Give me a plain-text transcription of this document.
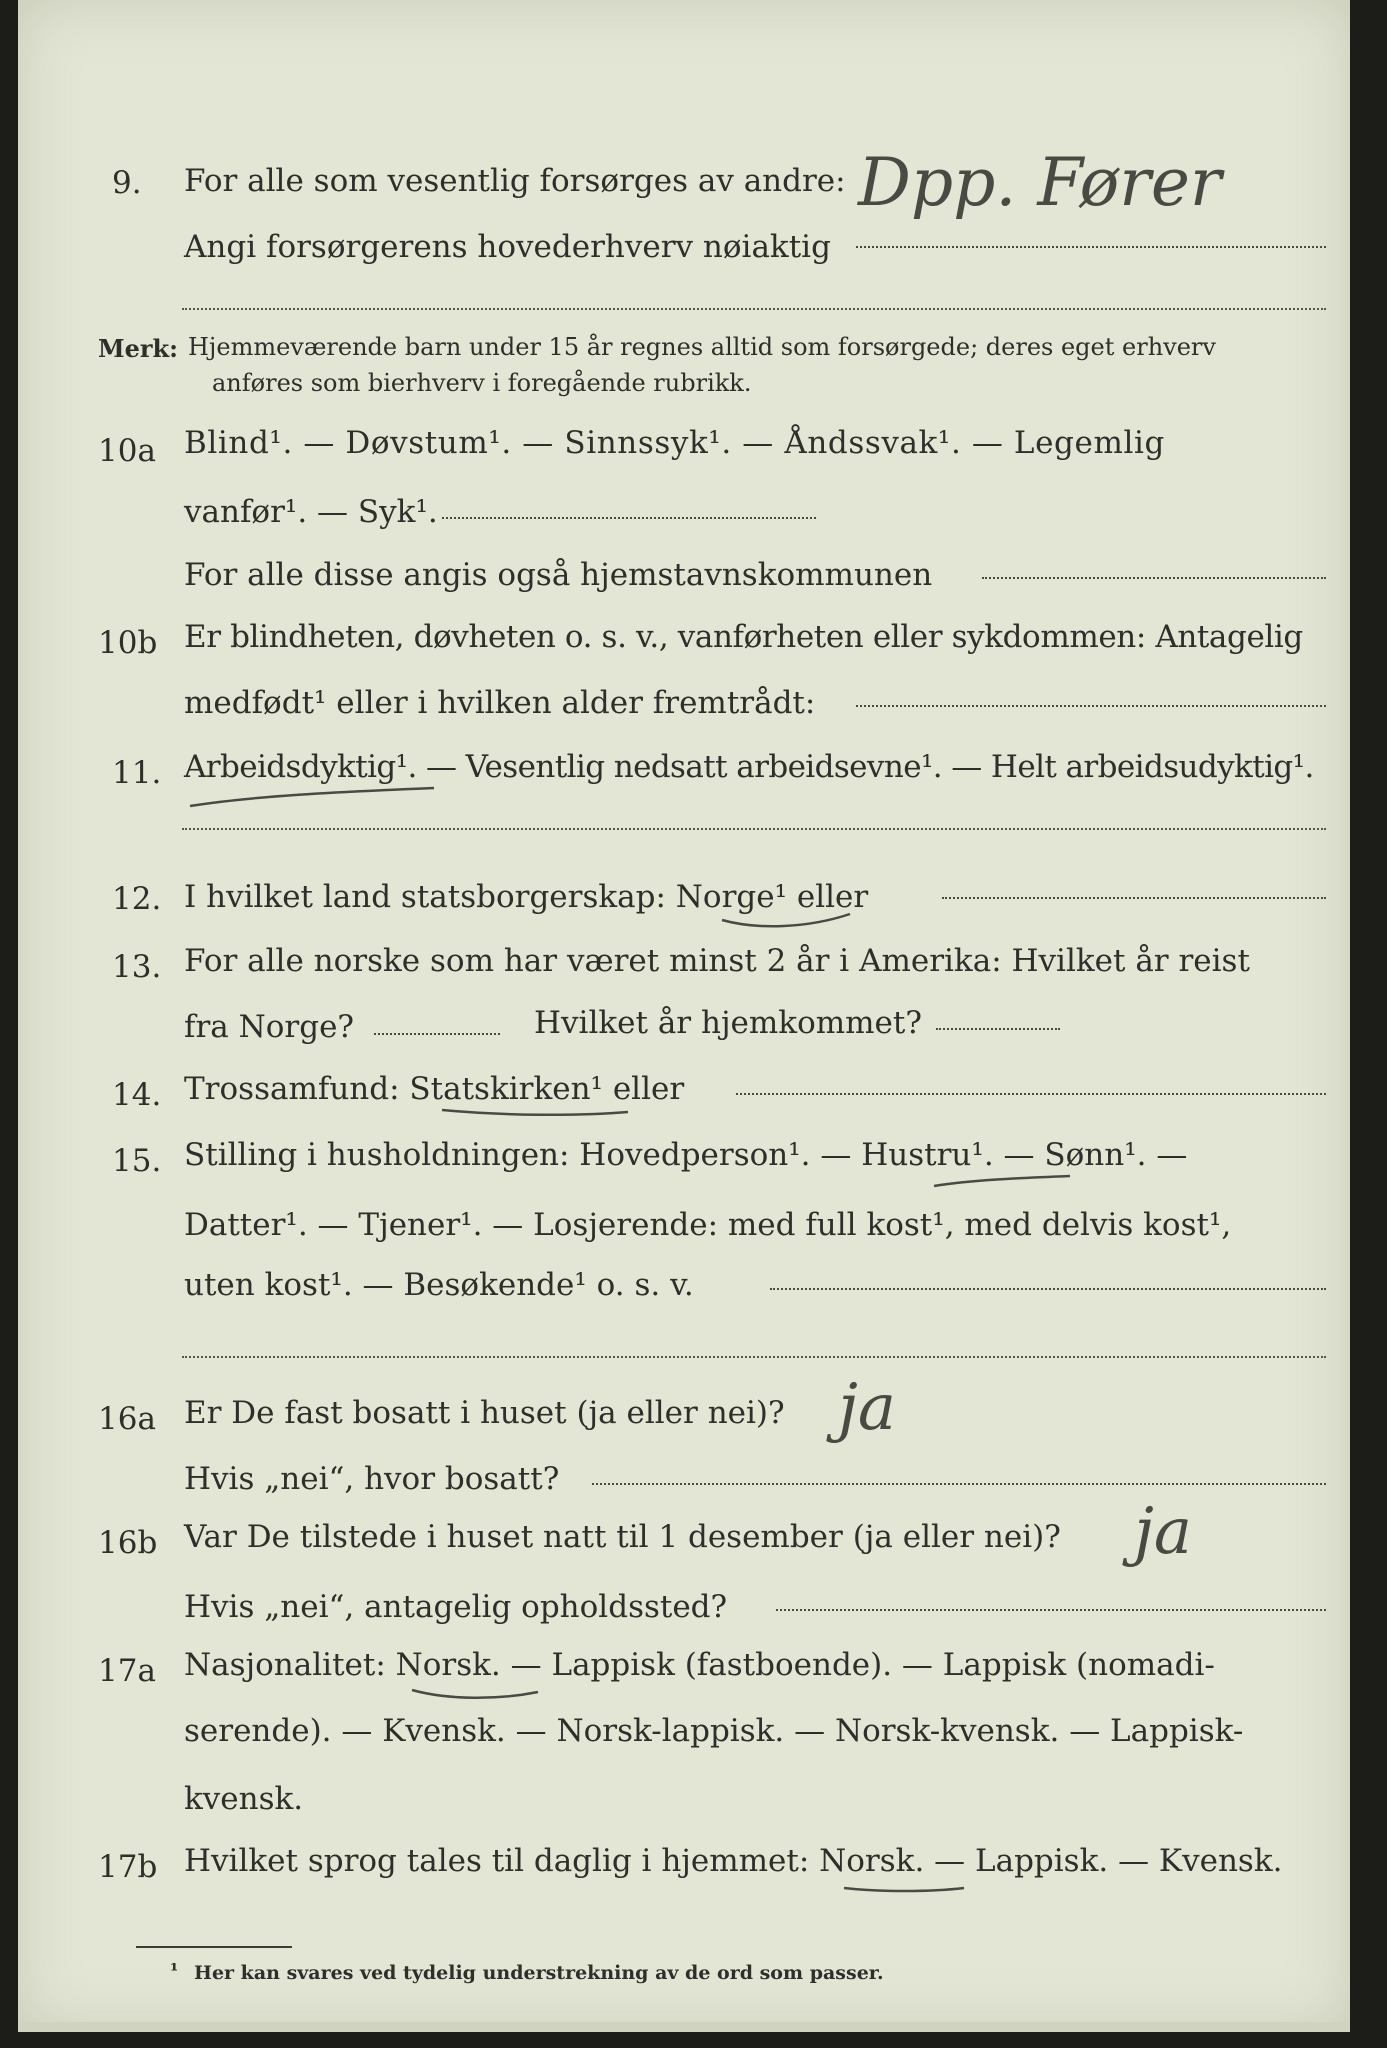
9. For alle som vesentlig forsørges av andre: Dpp. Fører
Angi forsørgerens hovederhverv nøiaktig
Merk: Hjemmeværende barn under 15 år regnes alltid som forsørgede; deres eget erhverv
anføres som bierhverv i foregående rubrikk.
10a Blind¹. — Døvstum¹. — Sinnssyk¹. — Åndssvak¹. — Legemlig
vanfør¹. — Syk¹.
For alle disse angis også hjemstavnskommunen
10b Er blindheten, døvheten o. s. v., vanførheten eller sykdommen: Antagelig
medfødt¹ eller i hvilken alder fremtrådt:
11. Arbeidsdyktig¹. — Vesentlig nedsatt arbeidsevne¹. — Helt arbeidsudyktig¹.
12. I hvilket land statsborgerskap: Norge¹ eller
13. For alle norske som har været minst 2 år i Amerika: Hvilket år reist
fra Norge?	Hvilket år hjemkommet?
14. Trossamfund: Statskirken¹ eller
15. Stilling i husholdningen: Hovedperson¹. — Hustru¹. — Sønn¹. —
Datter¹. — Tjener¹. — Losjerende: med full kost¹, med delvis kost¹,
uten kost¹. — Besøkende¹ o. s. v.
16a Er De fast bosatt i huset (ja eller nei)? ja
Hvis „nei“, hvor bosatt?
16b Var De tilstede i huset natt til 1 desember (ja eller nei)? ja
Hvis „nei“, antagelig opholdssted?
17a Nasjonalitet: Norsk. — Lappisk (fastboende). — Lappisk (nomadi-
serende). — Kvensk. — Norsk-lappisk. — Norsk-kvensk. — Lappisk-
kvensk.
17b Hvilket sprog tales til daglig i hjemmet: Norsk. — Lappisk. — Kvensk.
¹ Her kan svares ved tydelig understrekning av de ord som passer.
